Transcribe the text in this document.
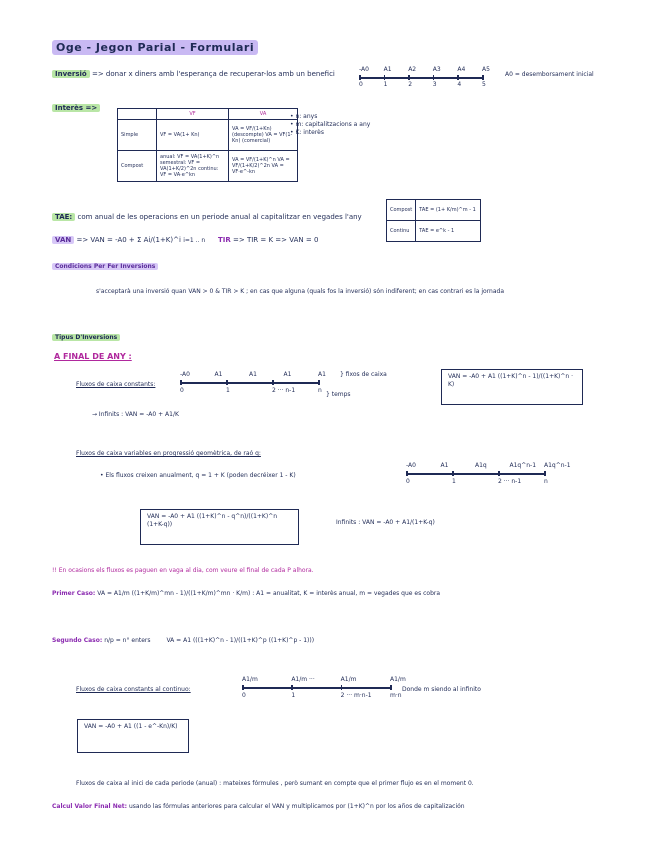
Oge - Jegon Parial - Formulari
Inversió => donar x diners amb l'esperança de recuperar-los amb un benefici
-A0 A1	A2	A3	A4	A5
0	1	2	3	4	5
A0 = desemborsament inicial
Interès =>
	VF	VA
Simple	VF = VA(1+ Kn)	VA = VF/(1+Kn) (descompte) VA = VF(1-Kn) (comercial)
Compost	anual: VF = VA(1+K)^n semestral: VF = VA(1+K/2)^2n continu: VF = VA·e^kn	VA = VF/(1+K)^n VA = VF/(1+K/2)^2n VA = VF·e^-kn
• n: anys
• m: capitalitzacions a any
• K: interès
Compost	TAE = (1+ K/m)^m - 1
Continu	TAE = e^k - 1
TAE: com anual de les operacions en un periode anual al capitalitzar en vegades l'any
VAN => VAN = -A0 + Σ Ai/(1+K)^i i=1 .. n TIR => TIR = K => VAN = 0
Condicions Per Fer Inversions
s'acceptarà una inversió quan VAN > 0 & TIR > K ; en cas que alguna (quals fos la inversió) són indiferent; en cas contrari es la jornada
Tipus D'Inversions
A FINAL DE ANY :
Fluxos de caixa constants:
-A0	A1	A1	A1	A1
0	1	2 ··· n-1	n
} fixos de caixa
} temps
VAN = -A0 + A1 ((1+K)^n - 1)/((1+K)^n · K)
→ Infinits : VAN = -A0 + A1/K
Fluxos de caixa variables en progressió geomètrica, de raó q:
• Els fluxos creixen anualment, q = 1 + K (poden decréixer 1 - K)
-A0	A1	A1q	A1q^n-1 A1q^n-1
0	1	2 ··· n-1	n
VAN = -A0 + A1 ((1+K)^n - q^n)/((1+K)^n (1+K-q))	Infinits : VAN = -A0 + A1/(1+K-q)
!! En ocasions els fluxos es paguen en vaga al dia, com veure el final de cada P alhora.
Primer Caso: VA = A1/m ((1+K/m)^mn - 1)/((1+K/m)^mn · K/m) : A1 = anualitat, K = interès anual, m = vegades que es cobra
Segundo Caso: n/p = n° enters	VA = A1 (((1+K)^n - 1)/((1+K)^p ((1+K)^p - 1)))
Fluxos de caixa constants al continuo:
A1/m	A1/m ···	A1/m	A1/m
0	1	2 ··· m·n-1	m·n
Donde m siendo al infinito
VAN = -A0 + A1 ((1 - e^-Kn)/K)
Fluxos de caixa al inici de cada periode (anual) : mateixes fórmules , però sumant en compte que el primer flujo es en el moment 0.
Calcul Valor Final Net: usando las fórmulas anteriores para calcular el VAN y multiplicamos por (1+K)^n por los años de capitalización
